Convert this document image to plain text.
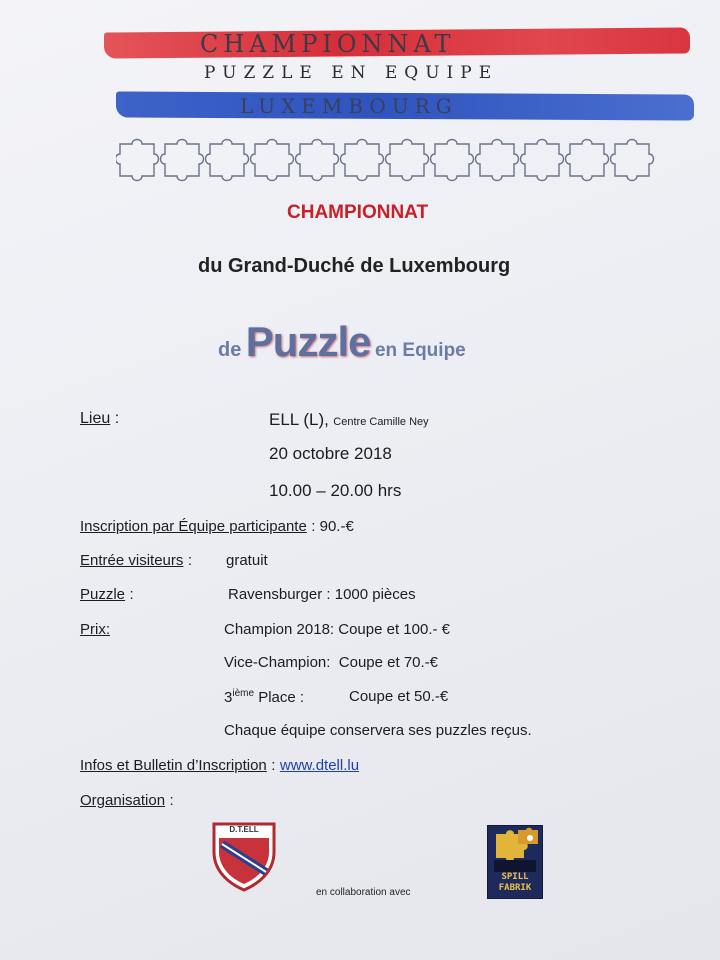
CHAMPIONNAT
PUZZLE EN EQUIPE
LUXEMBOURG
CHAMPIONNAT
du Grand-Duché de Luxembourg
de Puzzle en Equipe
Lieu :	ELL (L), Centre Camille Ney
20 octobre 2018
10.00 – 20.00 hrs
Inscription par Équipe participante : 90.-€
Entrée visiteurs : gratuit
Puzzle :	Ravensburger : 1000 pièces
Prix:	Champion 2018: Coupe et 100.- €
Vice-Champion:  Coupe et 70.-€
3ième Place :	Coupe et 50.-€
Chaque équipe conservera ses puzzles reçus.
Infos et Bulletin d’Inscription : www.dtell.lu
Organisation :
D.T.ELL
en collaboration avec
SPILL
FABRIK
